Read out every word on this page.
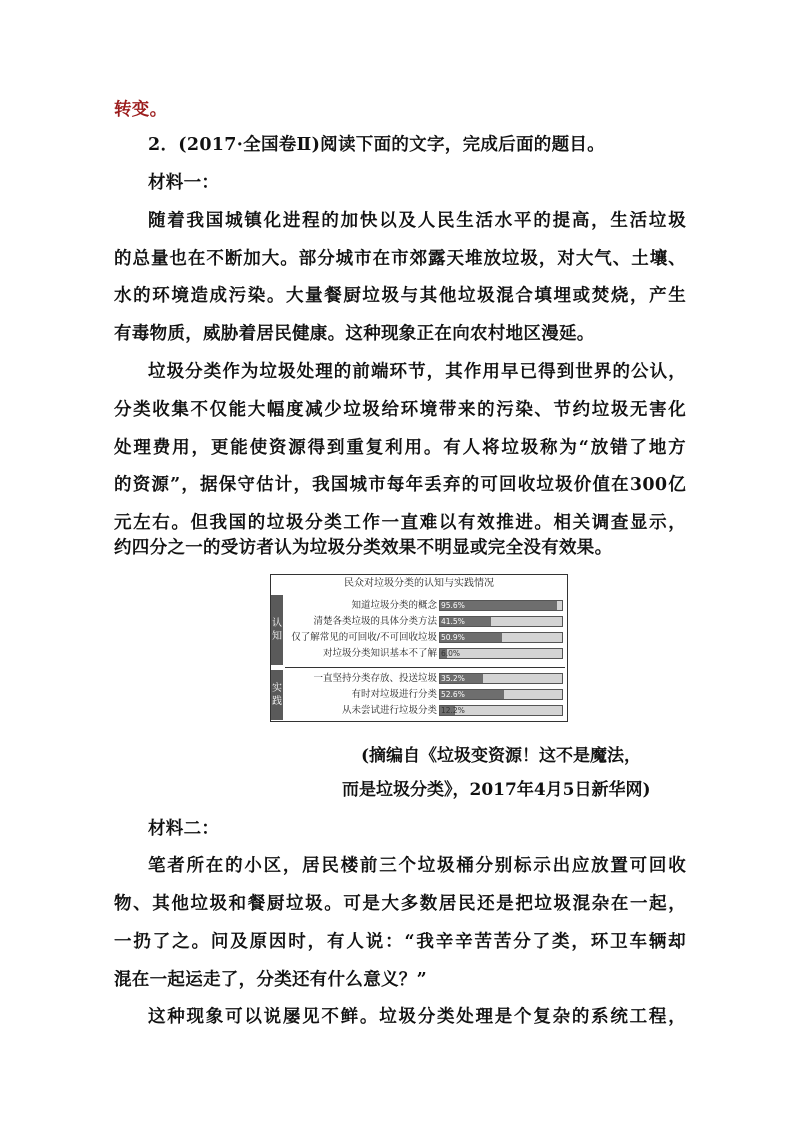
转变。
2．(2017·全国卷Ⅱ)阅读下面的文字，完成后面的题目。
材料一：
随着我国城镇化进程的加快以及人民生活水平的提高，生活垃圾
的总量也在不断加大。部分城市在市郊露天堆放垃圾，对大气、土壤、
水的环境造成污染。大量餐厨垃圾与其他垃圾混合填埋或焚烧，产生
有毒物质，威胁着居民健康。这种现象正在向农村地区漫延。
垃圾分类作为垃圾处理的前端环节，其作用早已得到世界的公认，
分类收集不仅能大幅度减少垃圾给环境带来的污染、节约垃圾无害化
处理费用，更能使资源得到重复利用。有人将垃圾称为“放错了地方
的资源”，据保守估计，我国城市每年丢弃的可回收垃圾价值在300亿
元左右。但我国的垃圾分类工作一直难以有效推进。相关调查显示，
约四分之一的受访者认为垃圾分类效果不明显或完全没有效果。
民众对垃圾分类的认知与实践情况
认
知
知道垃圾分类的概念 95.6%
清楚各类垃圾的具体分类方法 41.5%
仅了解常见的可回收/不可回收垃圾 50.9%
对垃圾分类知识基本不了解 6.0%
实
践
一直坚持分类存放、投送垃圾 35.2%
有时对垃圾进行分类 52.6%
从未尝试进行垃圾分类 12.2%
(摘编自《垃圾变资源！这不是魔法，
而是垃圾分类》，2017年4月5日新华网)
材料二：
笔者所在的小区，居民楼前三个垃圾桶分别标示出应放置可回收
物、其他垃圾和餐厨垃圾。可是大多数居民还是把垃圾混杂在一起，
一扔了之。问及原因时，有人说：“我辛辛苦苦分了类，环卫车辆却
混在一起运走了，分类还有什么意义？”
这种现象可以说屡见不鲜。垃圾分类处理是个复杂的系统工程，
